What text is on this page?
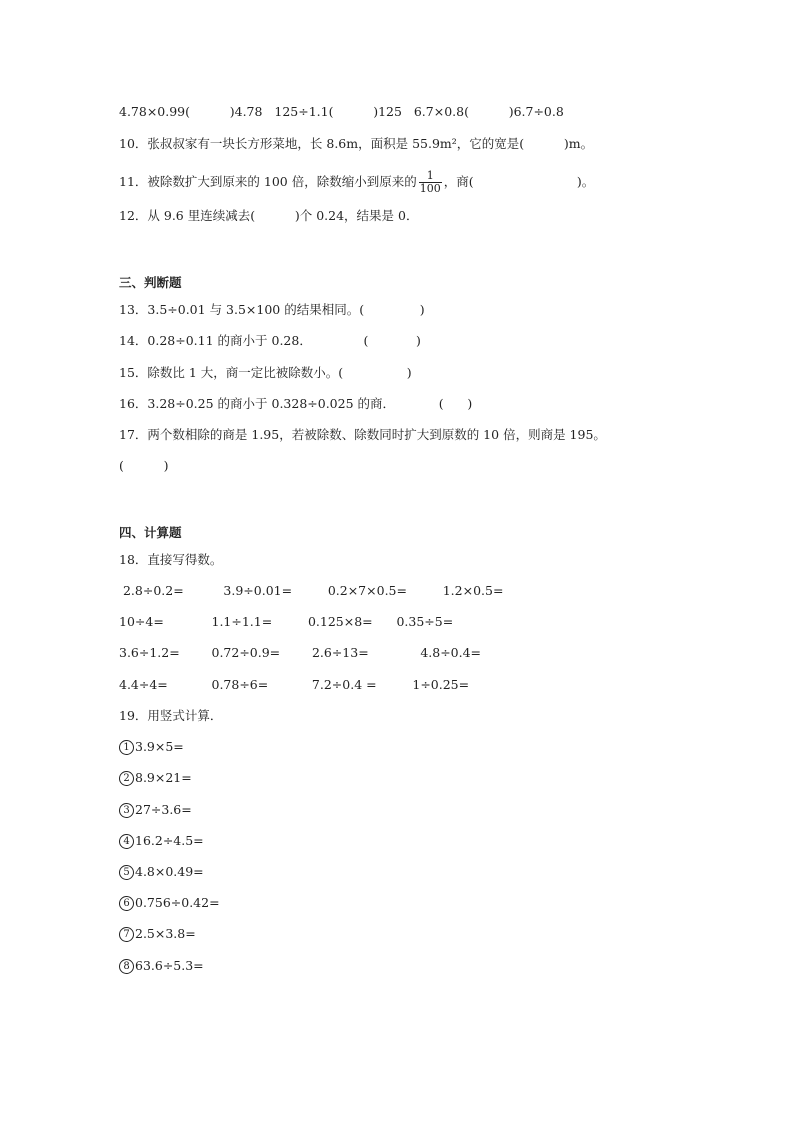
4.78×0.99(          )4.78   125÷1.1(          )125   6.7×0.8(          )6.7÷0.8
10．张叔叔家有一块长方形菜地，长 8.6m，面积是 55.9m²，它的宽是(          )m。
11．被除数扩大到原来的 100 倍，除数缩小到原来的 $\frac{1}{100}$ ，商(                          )。
12．从 9.6 里连续减去(          )个 0.24，结果是 0．
三、判断题
13．3.5÷0.01 与 3.5×100 的结果相同。(              )
14．0.28÷0.11 的商小于 0.28．             (            )
15．除数比 1 大，商一定比被除数小。(                )
16．3.28÷0.25 的商小于 0.328÷0.025 的商．           (      )
17．两个数相除的商是 1.95，若被除数、除数同时扩大到原数的 10 倍，则商是 195。
(          )
四、计算题
18．直接写得数。
2.8÷0.2=          3.9÷0.01=         0.2×7×0.5=         1.2×0.5=
10÷4=            1.1÷1.1=         0.125×8=      0.35÷5=
3.6÷1.2=        0.72÷0.9=        2.6÷13=             4.8÷0.4=
4.4÷4=           0.78÷6=           7.2÷0.4 =         1÷0.25=
19．用竖式计算．
1 3.9×5=
2 8.9×21=
3 27÷3.6=
4 16.2÷4.5=
5 4.8×0.49=
6 0.756÷0.42=
7 2.5×3.8=
8 63.6÷5.3=
